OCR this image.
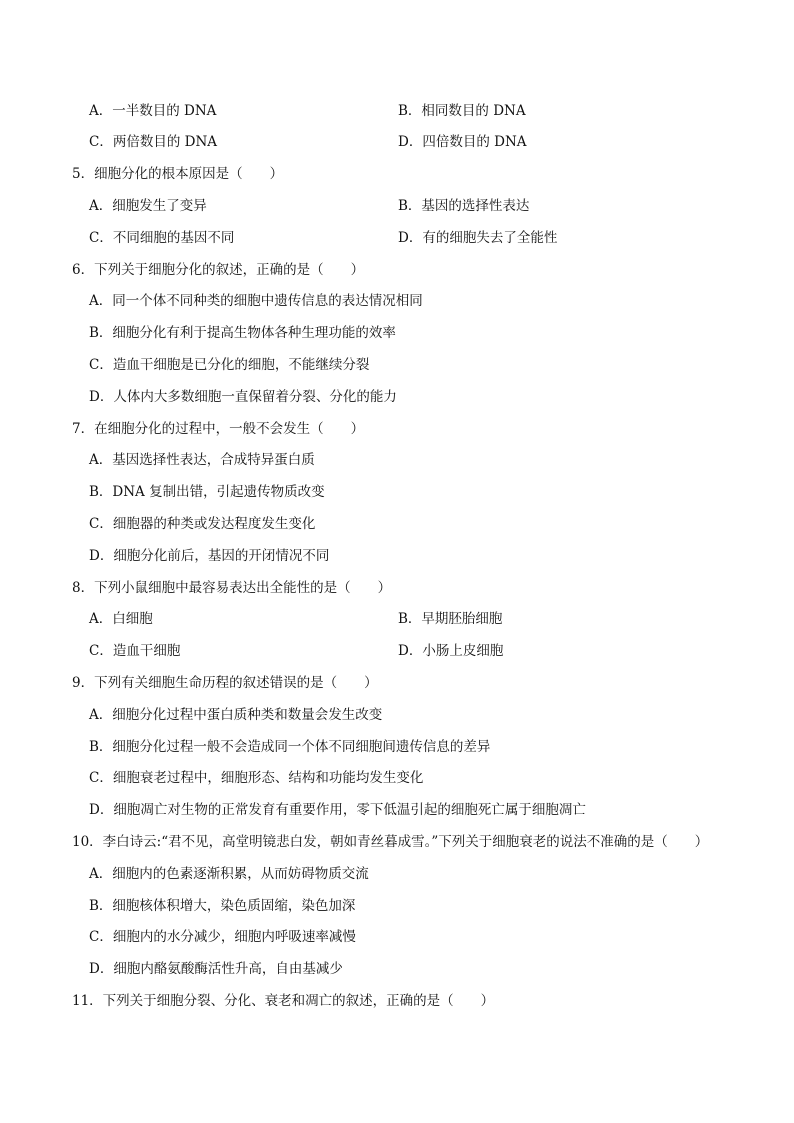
A．一半数目的 DNA	B．相同数目的 DNA
C．两倍数目的 DNA	D．四倍数目的 DNA
5．细胞分化的根本原因是（　　）
A．细胞发生了变异	B．基因的选择性表达
C．不同细胞的基因不同	D．有的细胞失去了全能性
6．下列关于细胞分化的叙述，正确的是（　　）
A．同一个体不同种类的细胞中遗传信息的表达情况相同
B．细胞分化有利于提高生物体各种生理功能的效率
C．造血干细胞是已分化的细胞，不能继续分裂
D．人体内大多数细胞一直保留着分裂、分化的能力
7．在细胞分化的过程中，一般不会发生（　　）
A．基因选择性表达，合成特异蛋白质
B．DNA 复制出错，引起遗传物质改变
C．细胞器的种类或发达程度发生变化
D．细胞分化前后，基因的开闭情况不同
8．下列小鼠细胞中最容易表达出全能性的是（　　）
A．白细胞	B．早期胚胎细胞
C．造血干细胞	D．小肠上皮细胞
9．下列有关细胞生命历程的叙述错误的是（　　）
A．细胞分化过程中蛋白质种类和数量会发生改变
B．细胞分化过程一般不会造成同一个体不同细胞间遗传信息的差异
C．细胞衰老过程中，细胞形态、结构和功能均发生变化
D．细胞凋亡对生物的正常发育有重要作用，零下低温引起的细胞死亡属于细胞凋亡
10．李白诗云:“君不见，高堂明镜悲白发，朝如青丝暮成雪。”下列关于细胞衰老的说法不准确的是（　　）
A．细胞内的色素逐渐积累，从而妨碍物质交流
B．细胞核体积增大，染色质固缩，染色加深
C．细胞内的水分减少，细胞内呼吸速率减慢
D．细胞内酪氨酸酶活性升高，自由基减少
11．下列关于细胞分裂、分化、衰老和凋亡的叙述，正确的是（　　）
